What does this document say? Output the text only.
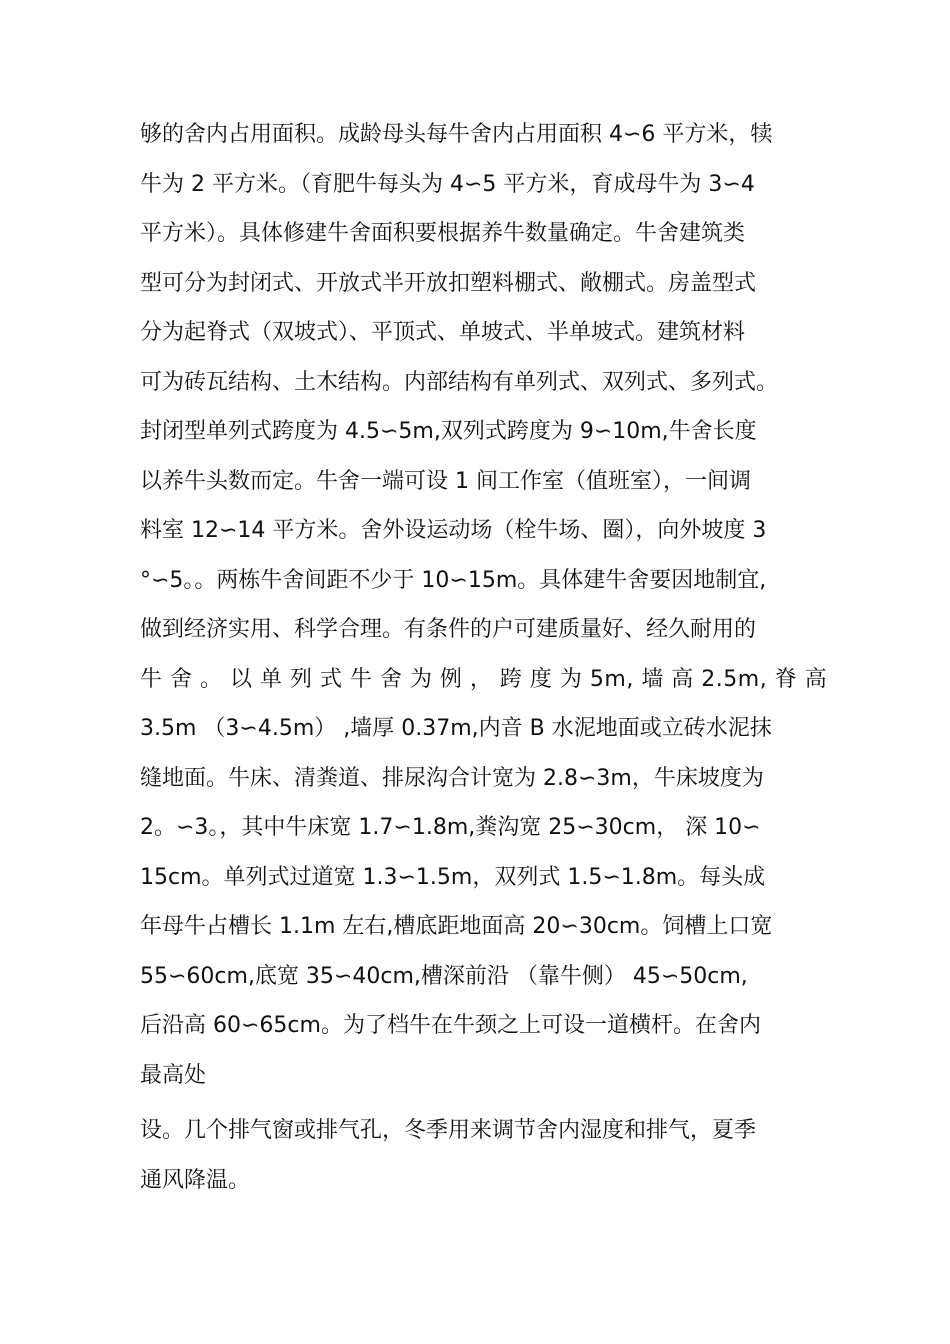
够的舍内占用面积。成龄母头每牛舍内占用面积 4∽6 平方米，犊
牛为 2 平方米。（育肥牛每头为 4∽5 平方米，育成母牛为 3∽4
平方米）。具体修建牛舍面积要根据养牛数量确定。牛舍建筑类
型可分为封闭式、开放式半开放扣塑料棚式、敞棚式。房盖型式
分为起脊式（双坡式）、平顶式、单坡式、半单坡式。建筑材料
可为砖瓦结构、土木结构。内部结构有单列式、双列式、多列式。
封闭型单列式跨度为 4.5∽5m,双列式跨度为 9∽10m,牛舍长度
以养牛头数而定。牛舍一端可设 1 间工作室（值班室），一间调
料室 12∽14 平方米。舍外设运动场（栓牛场、圈），向外坡度 3
°∽5。。两栋牛舍间距不少于 10∽15m。具体建牛舍要因地制宜,
做到经济实用、科学合理。有条件的户可建质量好、经久耐用的
牛 舍 。 以 单 列 式 牛 舍 为 例 ， 跨 度 为 5m, 墙 高 2.5m, 脊 高
3.5m （3∽4.5m） ,墙厚 0.37m,内音 B 水泥地面或立砖水泥抹
缝地面。牛床、清粪道、排尿沟合计宽为 2.8∽3m，牛床坡度为
2。∽3。，其中牛床宽 1.7∽1.8m,粪沟宽 25∽30cm， 深 10∽
15cm。单列式过道宽 1.3∽1.5m，双列式 1.5∽1.8m。每头成
年母牛占槽长 1.1m 左右,槽底距地面高 20∽30cm。饲槽上口宽
55∽60cm,底宽 35∽40cm,槽深前沿 （靠牛侧） 45∽50cm,
后沿高 60∽65cm。为了档牛在牛颈之上可设一道横杆。在舍内
最高处
设。几个排气窗或排气孔，冬季用来调节舍内湿度和排气，夏季
通风降温。
